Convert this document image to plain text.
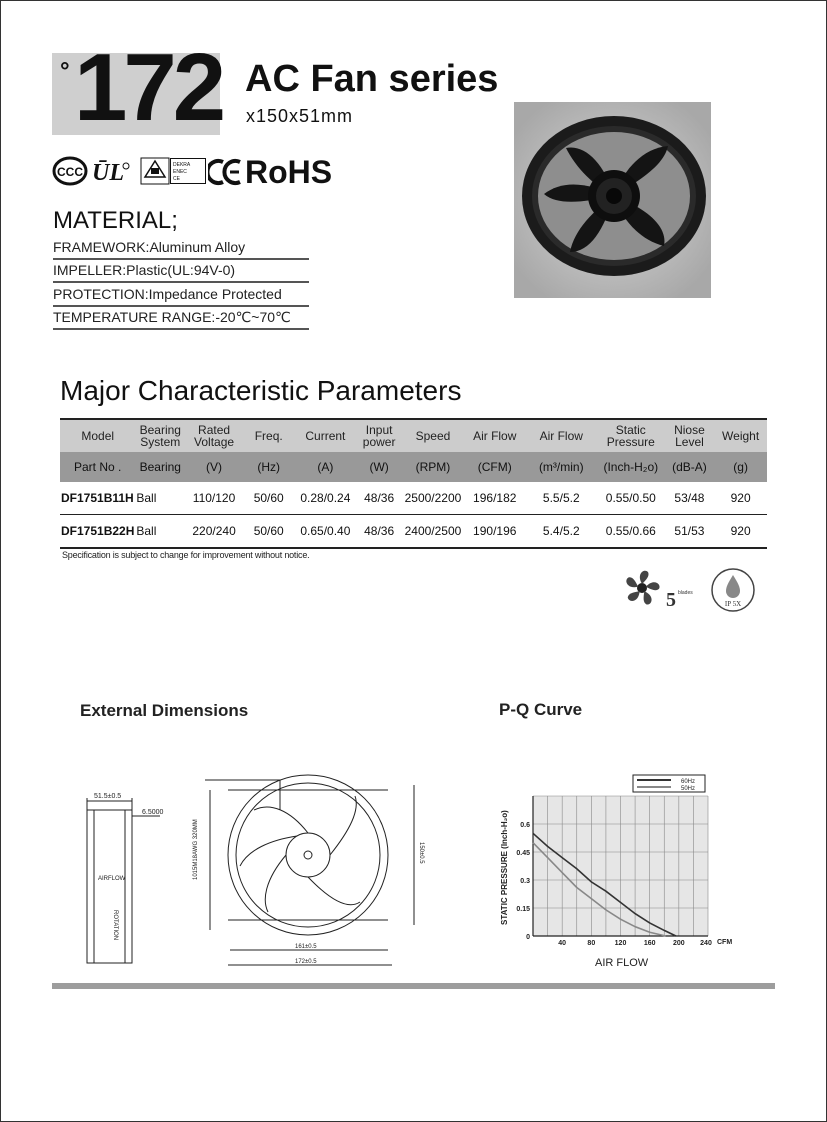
° 172 AC Fan series
x150x51mm
CCC ŪL	DEKRA
ENEC
CE RoHS
MATERIAL;
FRAMEWORK:Aluminum Alloy
IMPELLER:Plastic(UL:94V-0)
PROTECTION:Impedance Protected
TEMPERATURE RANGE:-20℃~70℃
Major Characteristic Parameters
Model	Bearing System	Rated Voltage	Freq.	Current	Input power	Speed	Air Flow	Air Flow	Static Pressure	Niose Level	Weight
Part No .	Bearing	(V)	(Hz)	(A)	(W)	(RPM)	(CFM)	(m³/min)	(Inch-H₂o)	(dB-A)	(g)
DF1751B11H	Ball	110/120	50/60	0.28/0.24	48/36	2500/2200	196/182	5.5/5.2	0.55/0.50	53/48	920
DF1751B22H	Ball	220/240	50/60	0.65/0.40	48/36	2400/2500	190/196	5.4/5.2	0.55/0.66	51/53	920
Specification is subject to change for improvement without notice.
5 blades
IP 5X
External Dimensions	P-Q Curve
51.5±0.5
6.5000
AIRFLOW
ROTATION
1015M18AWG 320MM	150±0.5
161±0.5
172±0.5
60Hz
50Hz
40	80	120 160 200 240
0
0.15
0.3
0.45
0.6
STATIC PRESSURE (Inch-H₂o)
CFM
AIR FLOW
